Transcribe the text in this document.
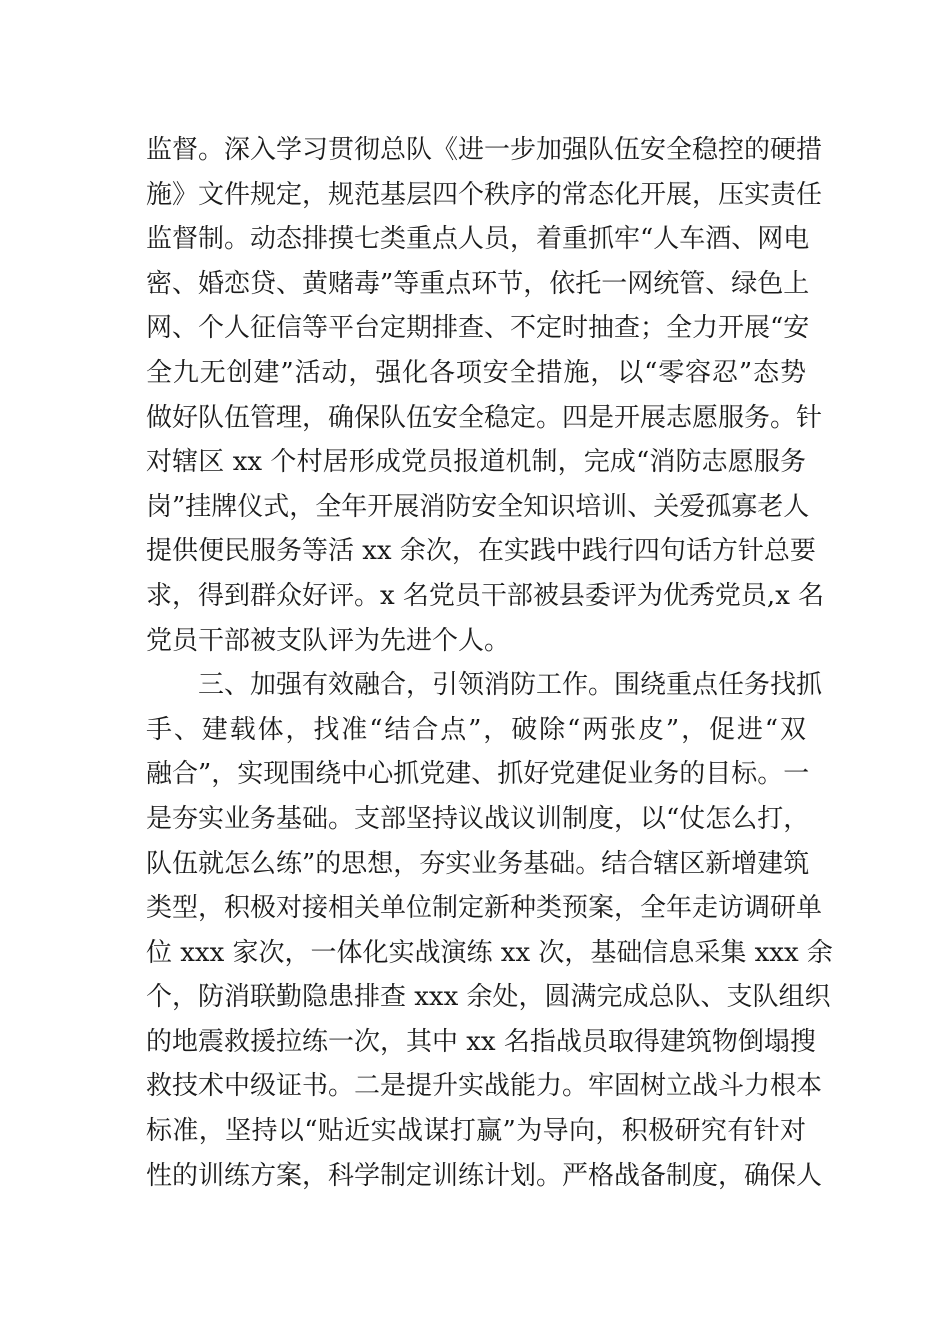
监督。深入学习贯彻总队《进一步加强队伍安全稳控的硬措
施》文件规定，规范基层四个秩序的常态化开展，压实责任
监督制。动态排摸七类重点人员，着重抓牢“人车酒、网电
密、婚恋贷、黄赌毒”等重点环节，依托一网统管、绿色上
网、个人征信等平台定期排查、不定时抽查；全力开展“安
全九无创建”活动，强化各项安全措施，以“零容忍”态势
做好队伍管理，确保队伍安全稳定。四是开展志愿服务。针
对辖区 xx 个村居形成党员报道机制，完成“消防志愿服务
岗”挂牌仪式，全年开展消防安全知识培训、关爱孤寡老人
提供便民服务等活 xx 余次，在实践中践行四句话方针总要
求，得到群众好评。x 名党员干部被县委评为优秀党员,x 名
党员干部被支队评为先进个人。
三、加强有效融合，引领消防工作。围绕重点任务找抓
手、建载体，找准“结合点”，破除“两张皮”，促进“双
融合”，实现围绕中心抓党建、抓好党建促业务的目标。一
是夯实业务基础。支部坚持议战议训制度，以“仗怎么打，
队伍就怎么练”的思想，夯实业务基础。结合辖区新增建筑
类型，积极对接相关单位制定新种类预案，全年走访调研单
位 xxx 家次，一体化实战演练 xx 次，基础信息采集 xxx 余
个，防消联勤隐患排查 xxx 余处，圆满完成总队、支队组织
的地震救援拉练一次，其中 xx 名指战员取得建筑物倒塌搜
救技术中级证书。二是提升实战能力。牢固树立战斗力根本
标准，坚持以“贴近实战谋打赢”为导向，积极研究有针对
性的训练方案，科学制定训练计划。严格战备制度，确保人
